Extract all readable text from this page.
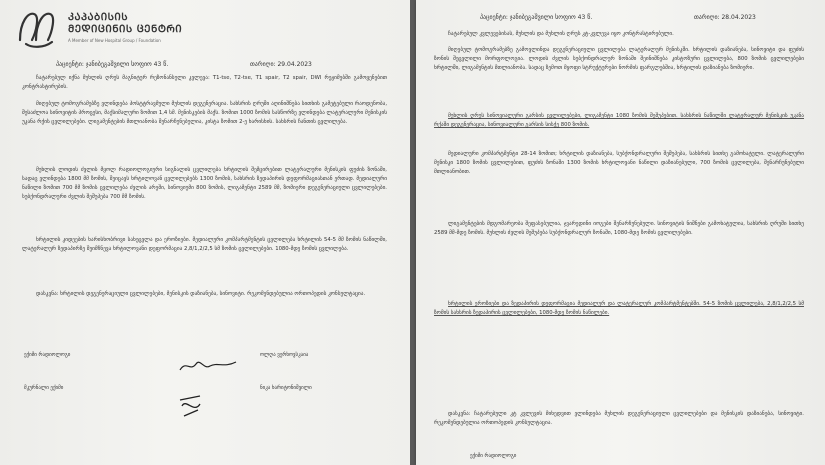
ᲙᲐᲞᲐᲑᲘᲡᲘᲡ
ᲛᲔᲓᲘᲪᲘᲜᲘᲡ ᲪᲔᲜᲢᲠᲘ
A Member of New Hospital Group / Foundation
პაციენტი: ჯანიბეგაშვილი სოფიო 43 წ.	თარიღი: 29.04.2023
ჩატარებულ იქნა მუხლის ღრუს მაგნიტურ რეზონანსული კვლევა: T1-tse, T2-tse, T1 spair, T2 spair, DWI რეჟიმებში გამოყენებით კონტრასტირების.
მიღებულ ტომოგრამებზე ვლინდება პოსტტრავმული მუხლის დეგენერაცია. სახსრის ღრუში აღინიშნება სითხის გამეტებული რაოდენობა, შესაძლოა სინოვიტის პროცესი, მაქსიმალური ზომით 1,4 სმ. მენისკების მაქს. ზომით 1000 ზომის სასწორზე ვლინდება ლატერალური მენისკის უკანა რქის ცვლილებები. ლიგამენტების მთლიანობა შენარჩუნებულია, კისტა ზომით 2-ე ხარისხის. სახსრის ჩანთის ცვლილება.
მუხლის ლოდის ძვლის მყოლ რადიოლოგიური სიგნალის ცვლილება ხრტილის შემცირებით ლატერალური მენისკის ფუძის ზონაში, სადაც ვლინდება 1800 მმ ზომის, შეიცავს ხრტილოვან ცვლილებებს 1300 ზომის, სახსრის ზედაპირის დეფორმაციასთან ერთად. მედიალური ნაწილი ზომით 700 მმ ზომის ცვლილება ძვლის არეში, სინოვიუმი 800 ზომის, ლიგამენტი 2589 მმ, ზომიერი დეგენერაციული ცვლილებები. სუბქონდრალური ძვლის შეშუპება 700 მმ ზომის.
ხრტილის კიდეების ხარისხობრივი სახეცვლა და ეროზიები. მედიალური კომპარტმენტის ცვლილება ხრტილის 54-5 მმ ზომის ნაწილში, ლატერალურ ზედაპირზე შეიმჩნევა ხრტილოვანი დეფორმაცია 2,8/1,2/2,5 სმ ზომის ცვლილებები. 1080-მდე ზომის ცვლილება.
დასკვნა: ხრტილის დეგენერაციული ცვლილებები, მენისკის დაზიანება, სინოვიტი. რეკომენდებულია ორთოპედის კონსულტაცია.
ექიმი რადიოლოგი	ოლღა ვერხოვსკაია
მკურნალი ექიმი	ნიკა ხარიტონიშვილი
პაციენტი: ჯანიბეგაშვილი სოფიო 43 წ.	თარიღი: 28.04.2023
ჩატარებულ კვლევებისას, მუხლის და მუხლის ღრუს კტ-კვლევა იყო კონტრასტირებული.
მიღებულ ტომოგრამებზე გამოვლინდა დეგენერაციული ცვლილება ლატერალურ მენისკში. ხრტილის დაზიანება, სინოვიტი და ფუძის ზონის შეცვლილი მორფოლოგია. ლოდის ძვლის სუბქონდრალურ ზონაში შეინიშნება კისტოზური ცვლილება, 800 ზომის ცვლილებები ხრტილში, ლიგამენტის მთლიანობა. სადაც ზემოთ მყოფი სტრუქტურები ნორმის ფარგლებშია, ხრტილის დაზიანება ზომიერი.
მუხლის ღრუს სინოვიალური გარსის ცვლილებები, ლიგამენტი 1080 ზომის შეშუპებით. სახსრის ნაწილში ლატერალურ მენისკის უკანა რქაში დეგენერაცია, სინოვიალური გარსის სისქე 800 ზომის.
მედიალური კომპარტმენტი 28-14 ზომით; ხრტილის დაზიანება, სუბქონდრალური შეშუპება, სახსრის სითხე გამოხატული. ლატერალური მენისკი 1800 ზომის ცვლილებით, ფუძის ზონაში 1300 ზომის ხრტილოვანი ნაწილი დაზიანებული, 700 ზომის ცვლილება, შენარჩუნებული მთლიანობით.
ლიგამენტების მდგომარეობა შეფასებულია, ჯვარედინი იოგები შენარჩუნებული. სინოვიტის ნიშნები გამოხატულია, სახსრის ღრუში სითხე 2589 მმ-მდე ზომის. მუხლის ძვლის შეშუპება სუბქონდრალურ ზონაში, 1080-მდე ზომის ცვლილებები.
ხრტილის ეროზიები და ზედაპირის დეფორმაცია მედიალურ და ლატერალურ კომპარტმენტებში. 54-5 ზომის ცვლილება, 2,8/1,2/2,5 სმ ზომის სახსრის ზედაპირის ცვლილებები, 1080-მდე ზომის ნაწილები.
დასკვნა: ჩატარებული კტ კვლევის მიხედვით ვლინდება მუხლის დეგენერაციული ცვლილებები და მენისკის დაზიანება, სინოვიტი. რეკომენდებულია ორთოპედის კონსულტაცია.
ექიმი რადიოლოგი
